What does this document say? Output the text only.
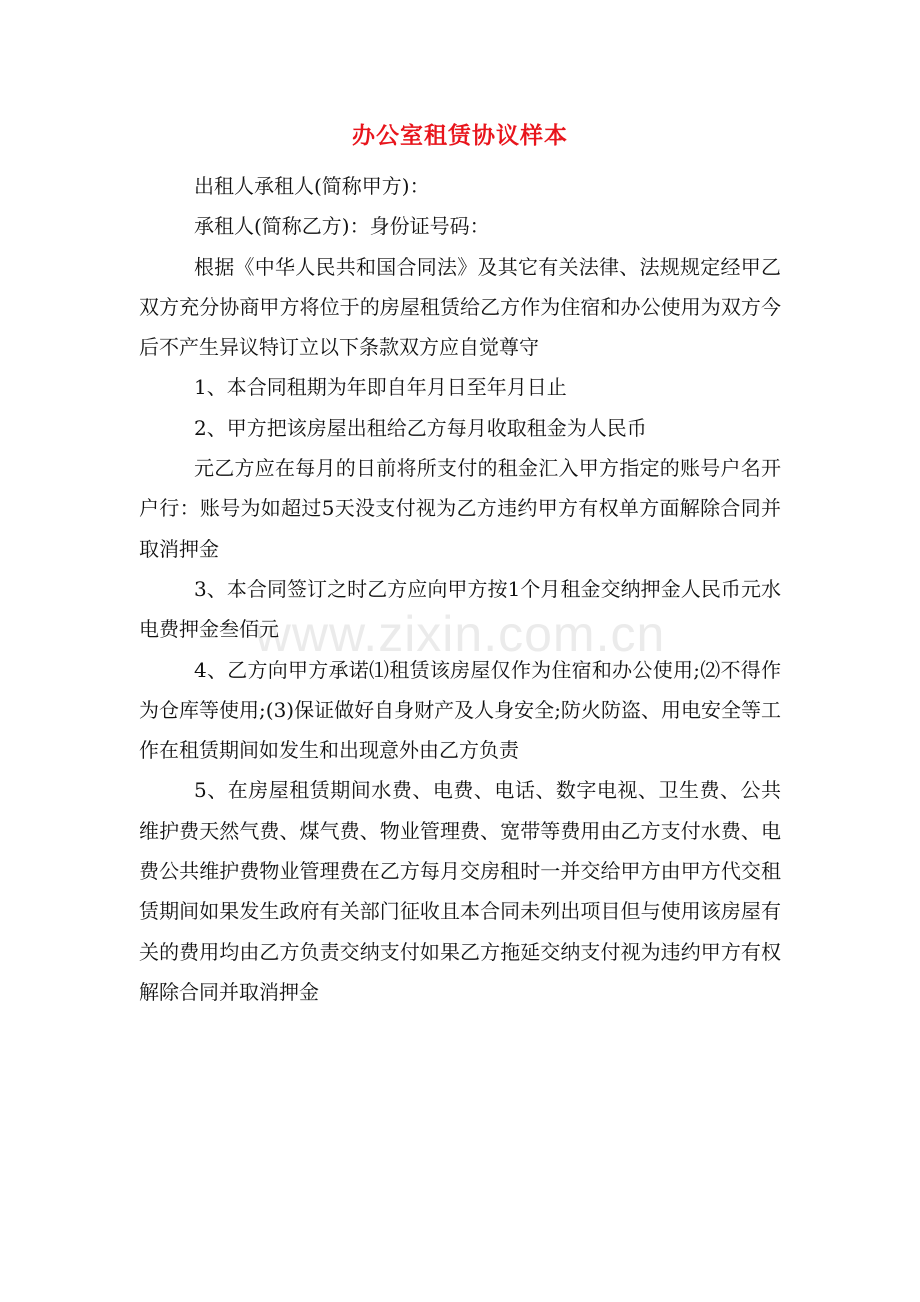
www.zixin.com.cn
办公室租赁协议样本

出租人承租人(简称甲方)：

承租人(简称乙方)：身份证号码：

根据《中华人民共和国合同法》及其它有关法律、法规规定经甲乙双方充分协商甲方将位于的房屋租赁给乙方作为住宿和办公使用为双方今后不产生异议特订立以下条款双方应自觉尊守

1、本合同租期为年即自年月日至年月日止

2、甲方把该房屋出租给乙方每月收取租金为人民币

元乙方应在每月的日前将所支付的租金汇入甲方指定的账号户名开户行：账号为如超过5天没支付视为乙方违约甲方有权单方面解除合同并取消押金

3、本合同签订之时乙方应向甲方按1个月租金交纳押金人民币元水电费押金叁佰元

4、乙方向甲方承诺⑴租赁该房屋仅作为住宿和办公使用;⑵不得作为仓库等使用;(3)保证做好自身财产及人身安全;防火防盗、用电安全等工作在租赁期间如发生和出现意外由乙方负责

5、在房屋租赁期间水费、电费、电话、数字电视、卫生费、公共维护费天然气费、煤气费、物业管理费、宽带等费用由乙方支付水费、电费公共维护费物业管理费在乙方每月交房租时一并交给甲方由甲方代交租赁期间如果发生政府有关部门征收且本合同未列出项目但与使用该房屋有关的费用均由乙方负责交纳支付如果乙方拖延交纳支付视为违约甲方有权解除合同并取消押金
